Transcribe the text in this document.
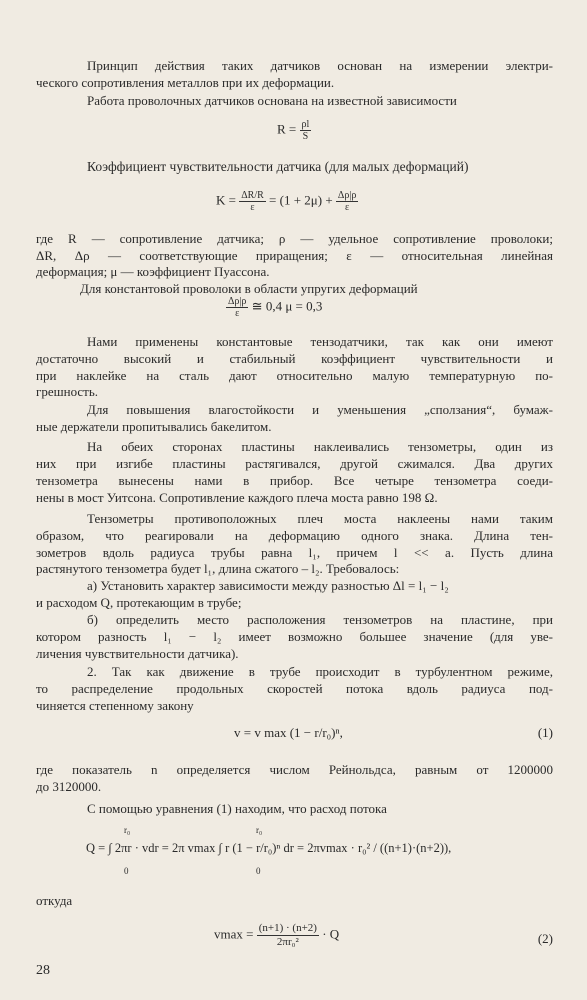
Принцип действия таких датчиков основан на измерении электри-
ческого сопротивления металлов при их деформации.
Работа проволочных датчиков основана на известной зависимости
$R = \frac{\rho l}{S}$
Коэффициент чувствительности датчика (для малых деформаций)
$K = \frac{\Delta R/R}{\varepsilon} = (1 + 2\mu) + \frac{\Delta\rho|\rho}{\varepsilon}$
где R — сопротивление датчика; ρ — удельное сопротивление проволоки;
ΔR, Δρ — соответствующие приращения; ε — относительная линейная
деформация; μ — коэффициент Пуассона.
Для константовой проволоки в области упругих деформаций
$\frac{\Delta\rho|\rho}{\varepsilon}$ ≅ 0,4 μ = 0,3
Нами применены константовые тензодатчики, так как они имеют
достаточно высокий и стабильный коэффициент чувствительности и
при наклейке на сталь дают относительно малую температурную по-
грешность.
Для повышения влагостойкости и уменьшения „сползания“, бумаж-
ные держатели пропитывались бакелитом.
На обеих сторонах пластины наклеивались тензометры, один из
них при изгибе пластины растягивался, другой сжимался. Два других
тензометра вынесены нами в прибор. Все четыре тензометра соеди-
нены в мост Уитсона. Сопротивление каждого плеча моста равно 198 Ω.
Тензометры противоположных плеч моста наклеены нами таким
образом, что реагировали на деформацию одного знака. Длина тен-
зометров вдоль радиуса трубы равна l₁, причем l << a. Пусть длина
растянутого тензометра будет l₁, длина сжатого – l₂. Требовалось:
а) Установить характер зависимости между разностью Δl = l₁ − l₂
и расходом Q, протекающим в трубе;
б) определить место расположения тензометров на пластине, при
котором разность l₁ − l₂ имеет возможно большее значение (для уве-
личения чувствительности датчика).
2. Так как движение в трубе происходит в турбулентном режиме,
то распределение продольных скоростей потока вдоль радиуса под-
чиняется степенному закону
v = v max (1 − r/r₀)ⁿ,	(1)
где показатель n определяется числом Рейнольдса, равным от 1200000
до 3120000.
С помощью уравнения (1) находим, что расход потока
r₀	r₀
Q = ∫ 2πr · vdr = 2π vmax ∫ r (1 − r/r₀)ⁿ dr = 2πvmax · r₀² / ((n+1)·(n+2)),
0	0
откуда
$vmax = \frac{(n+1) \cdot (n+2)}{\text{2πr₀²}} \cdot Q$	(2)
28
